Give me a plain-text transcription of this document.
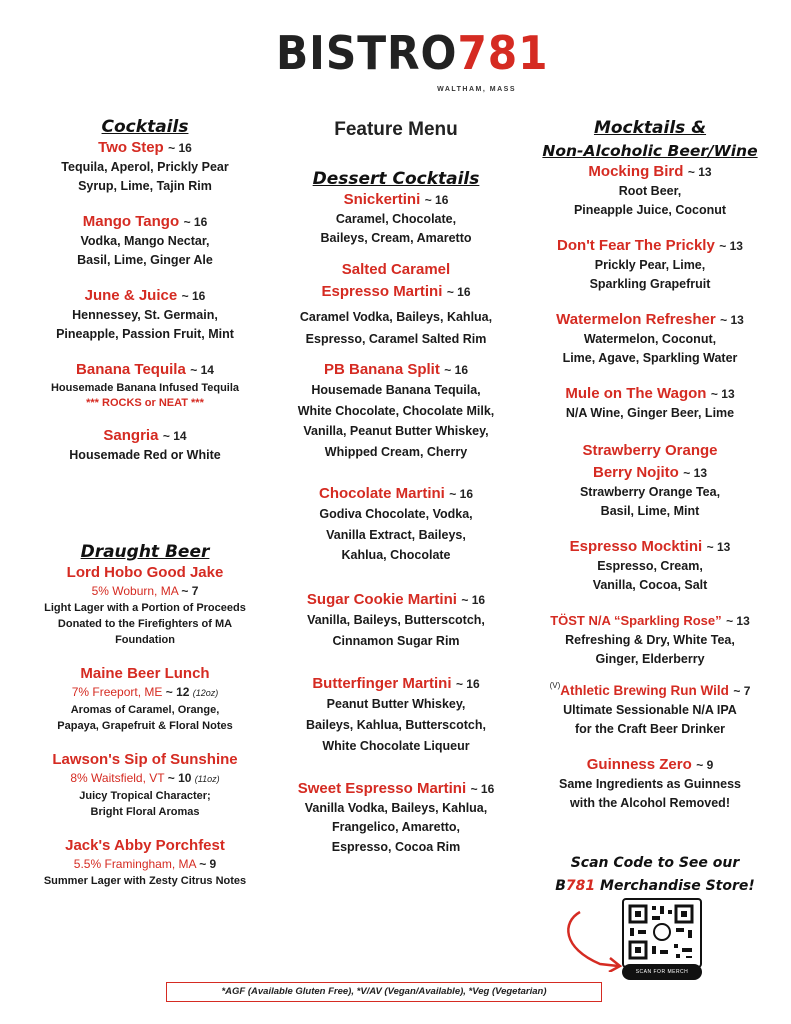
BISTRO781
WALTHAM, MASS
Cocktails
Two Step ~ 16
Tequila, Aperol, Prickly Pear
Syrup, Lime, Tajin Rim
Mango Tango ~ 16
Vodka, Mango Nectar,
Basil, Lime, Ginger Ale
June & Juice ~ 16
Hennessey, St. Germain,
Pineapple, Passion Fruit, Mint
Banana Tequila ~ 14
Housemade Banana Infused Tequila
*** ROCKS or NEAT ***
Sangria ~ 14
Housemade Red or White
Draught Beer
Lord Hobo Good Jake
5% Woburn, MA ~ 7
Light Lager with a Portion of Proceeds
Donated to the Firefighters of MA
Foundation
Maine Beer Lunch
7% Freeport, ME ~ 12 (12oz)
Aromas of Caramel, Orange,
Papaya, Grapefruit & Floral Notes
Lawson's Sip of Sunshine
8% Waitsfield, VT ~ 10 (11oz)
Juicy Tropical Character;
Bright Floral Aromas
Jack's Abby Porchfest
5.5% Framingham, MA ~ 9
Summer Lager with Zesty Citrus Notes
Feature Menu
Dessert Cocktails
Snickertini ~ 16
Caramel, Chocolate,
Baileys, Cream, Amaretto
Salted Caramel
Espresso Martini ~ 16
Caramel Vodka, Baileys, Kahlua,
Espresso, Caramel Salted Rim
PB Banana Split ~ 16
Housemade Banana Tequila,
White Chocolate, Chocolate Milk,
Vanilla, Peanut Butter Whiskey,
Whipped Cream, Cherry
Chocolate Martini ~ 16
Godiva Chocolate, Vodka,
Vanilla Extract, Baileys,
Kahlua, Chocolate
Sugar Cookie Martini ~ 16
Vanilla, Baileys, Butterscotch,
Cinnamon Sugar Rim
Butterfinger Martini ~ 16
Peanut Butter Whiskey,
Baileys, Kahlua, Butterscotch,
White Chocolate Liqueur
Sweet Espresso Martini ~ 16
Vanilla Vodka, Baileys, Kahlua,
Frangelico, Amaretto,
Espresso, Cocoa Rim
Mocktails &
Non-Alcoholic Beer/Wine
Mocking Bird ~ 13
Root Beer,
Pineapple Juice, Coconut
Don't Fear The Prickly ~ 13
Prickly Pear, Lime,
Sparkling Grapefruit
Watermelon Refresher ~ 13
Watermelon, Coconut,
Lime, Agave, Sparkling Water
Mule on The Wagon ~ 13
N/A Wine, Ginger Beer, Lime
Strawberry Orange
Berry Nojito ~ 13
Strawberry Orange Tea,
Basil, Lime, Mint
Espresso Mocktini ~ 13
Espresso, Cream,
Vanilla, Cocoa, Salt
TÖST N/A “Sparkling Rose” ~ 13
Refreshing & Dry, White Tea,
Ginger, Elderberry
$^{(V)}$Athletic Brewing Run Wild ~ 7
Ultimate Sessionable N/A IPA
for the Craft Beer Drinker
Guinness Zero ~ 9
Same Ingredients as Guinness
with the Alcohol Removed!
Scan Code to See our
B781 Merchandise Store!
SCAN FOR MERCH
*AGF (Available Gluten Free), *V/AV (Vegan/Available), *Veg (Vegetarian)
